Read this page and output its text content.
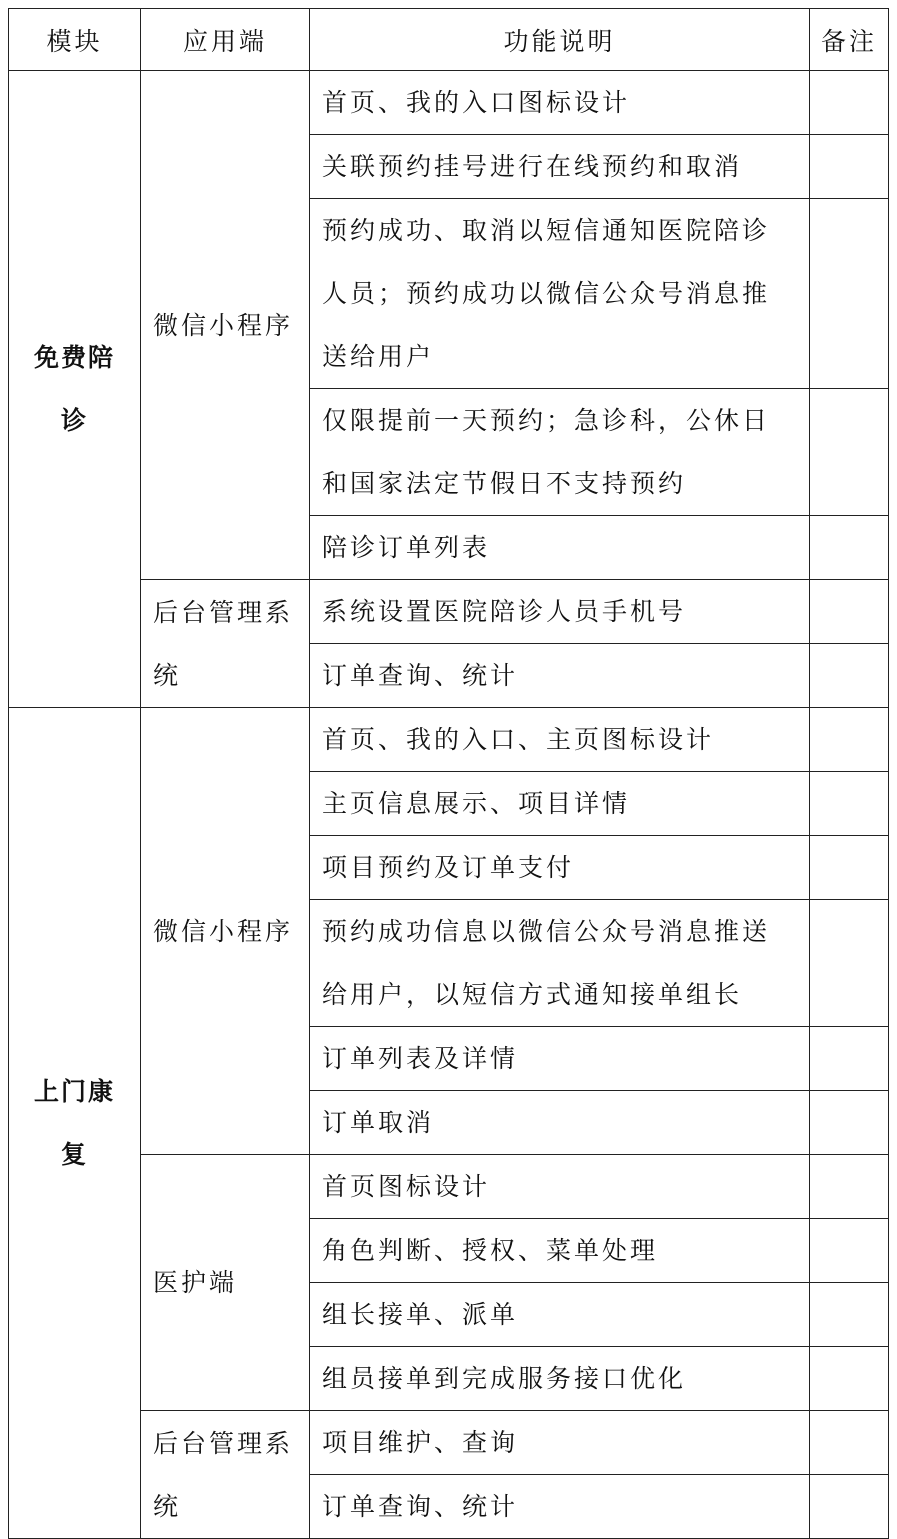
模块	应用端	功能说明	备注
免费陪诊	微信小程序	首页、我的入口图标设计	
		关联预约挂号进行在线预约和取消	
		预约成功、取消以短信通知医院陪诊人员；预约成功以微信公众号消息推送给用户	
		仅限提前一天预约；急诊科，公休日和国家法定节假日不支持预约	
		陪诊订单列表	
	后台管理系统	系统设置医院陪诊人员手机号	
		订单查询、统计	
上门康复	微信小程序	首页、我的入口、主页图标设计	
		主页信息展示、项目详情	
		项目预约及订单支付	
		预约成功信息以微信公众号消息推送给用户，以短信方式通知接单组长	
		订单列表及详情	
		订单取消	
	医护端	首页图标设计	
		角色判断、授权、菜单处理	
		组长接单、派单	
		组员接单到完成服务接口优化	
	后台管理系统	项目维护、查询	
		订单查询、统计	
